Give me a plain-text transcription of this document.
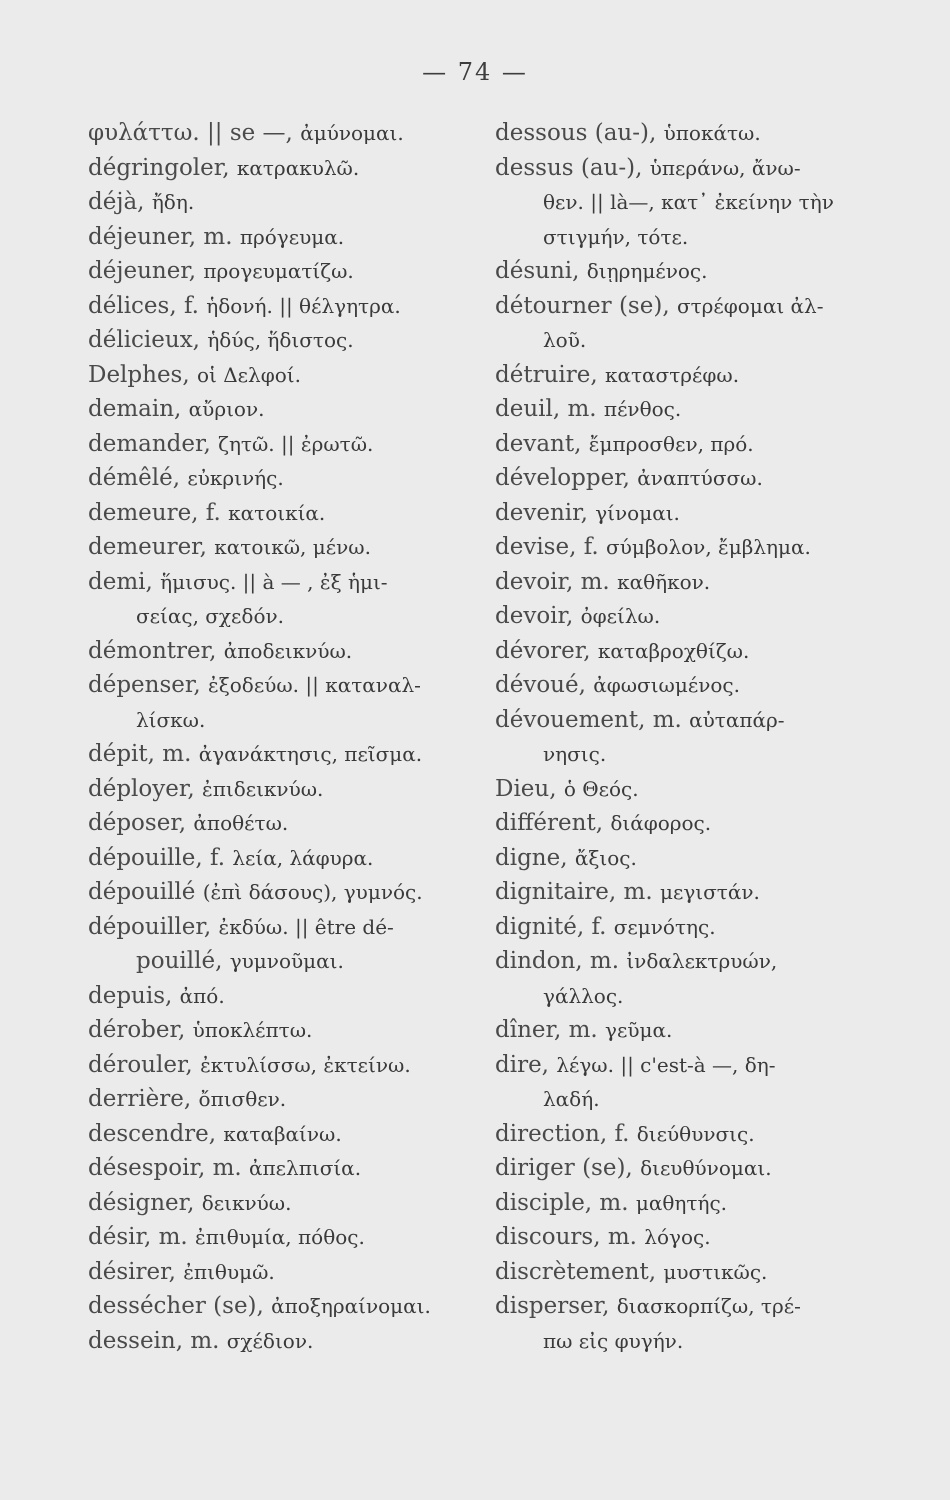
— 74 —
φυλάττω. || se —, ἀμύνομαι.
dégringoler, κατρακυλῶ.
déjà, ἤδη.
déjeuner, m. πρόγευμα.
déjeuner, προγευματίζω.
délices, f. ἡδονή. || θέλγητρα.
délicieux, ἡδύς, ἥδιστος.
Delphes, οἱ Δελφοί.
demain, αὔριον.
demander, ζητῶ. || ἐρωτῶ.
démêlé, εὐκρινής.
demeure, f. κατοικία.
demeurer, κατοικῶ, μένω.
demi, ἥμισυς. || à — , ἐξ ἡμι-
σείας, σχεδόν.
démontrer, ἀποδεικνύω.
dépenser, ἐξοδεύω. || καταναλ-
λίσκω.
dépit, m. ἀγανάκτησις, πεῖσμα.
déployer, ἐπιδεικνύω.
déposer, ἀποθέτω.
dépouille, f. λεία, λάφυρα.
dépouillé (ἐπὶ δάσους), γυμνός.
dépouiller, ἐκδύω. || être dé-
pouillé, γυμνοῦμαι.
depuis, ἀπό.
dérober, ὑποκλέπτω.
dérouler, ἐκτυλίσσω, ἐκτείνω.
derrière, ὄπισθεν.
descendre, καταβαίνω.
désespoir, m. ἀπελπισία.
désigner, δεικνύω.
désir, m. ἐπιθυμία, πόθος.
désirer, ἐπιθυμῶ.
dessécher (se), ἀποξηραίνομαι.
dessein, m. σχέδιον.
dessous (au-), ὑποκάτω.
dessus (au-), ὑπεράνω, ἄνω-
θεν. || là—, κατ᾽ ἐκείνην τὴν
στιγμήν, τότε.
désuni, διῃρημένος.
détourner (se), στρέφομαι ἀλ-
λοῦ.
détruire, καταστρέφω.
deuil, m. πένθος.
devant, ἔμπροσθεν, πρό.
développer, ἀναπτύσσω.
devenir, γίνομαι.
devise, f. σύμβολον, ἔμβλημα.
devoir, m. καθῆκον.
devoir, ὀφείλω.
dévorer, καταβροχθίζω.
dévoué, ἀφωσιωμένος.
dévouement, m. αὐταπάρ-
νησις.
Dieu, ὁ Θεός.
différent, διάφορος.
digne, ἄξιος.
dignitaire, m. μεγιστάν.
dignité, f. σεμνότης.
dindon, m. ἰνδαλεκτρυών,
γάλλος.
dîner, m. γεῦμα.
dire, λέγω. || c'est-à —, δη-
λαδή.
direction, f. διεύθυνσις.
diriger (se), διευθύνομαι.
disciple, m. μαθητής.
discours, m. λόγος.
discrètement, μυστικῶς.
disperser, διασκορπίζω, τρέ-
πω εἰς φυγήν.
